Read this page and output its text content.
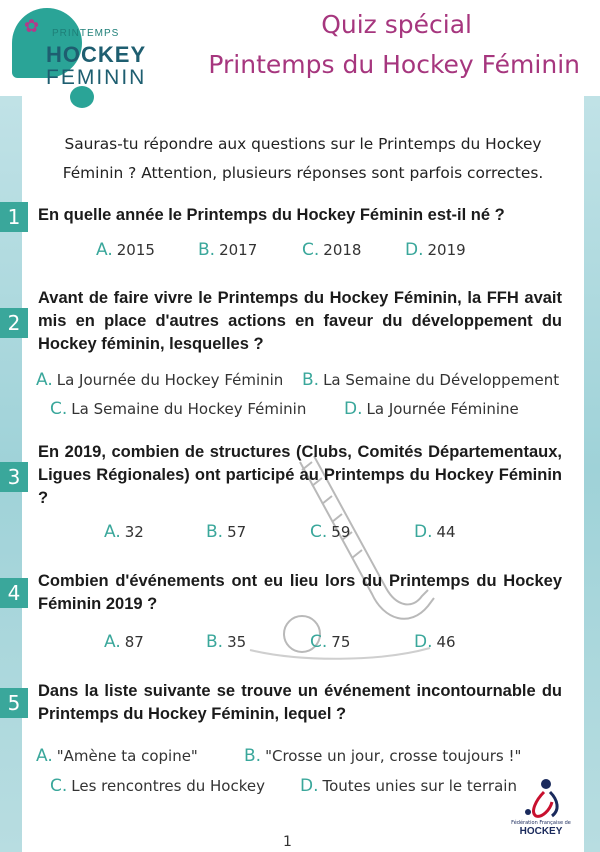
✿ PRINTEMPS
HOCKEY
FEMININ
Quiz spécial
Printemps du Hockey Féminin
Sauras-tu répondre aux questions sur le Printemps du Hockey Féminin ? Attention, plusieurs réponses sont parfois correctes.
1	En quelle année le Printemps du Hockey Féminin est-il né ?
A. 2015	B. 2017	C. 2018	D. 2019
2
Avant de faire vivre le Printemps du Hockey Féminin, la FFH avait mis en place d'autres actions en faveur du développement du Hockey féminin, lesquelles ?
A. La Journée du Hockey Féminin B. La Semaine du Développement
C. La Semaine du Hockey Féminin D. La Journée Féminine
3
En 2019, combien de structures (Clubs, Comités Départementaux, Ligues Régionales) ont participé au Printemps du Hockey Féminin ?
A. 32	B. 57	C. 59	D. 44
4	Combien d'événements ont eu lieu lors du Printemps du Hockey Féminin 2019 ?
A. 87	B. 35	C. 75	D. 46
5	Dans la liste suivante se trouve un événement incontournable du Printemps du Hockey Féminin, lequel ?
A. "Amène ta copine"	B. "Crosse un jour, crosse toujours !"
C. Les rencontres du Hockey D. Toutes unies sur le terrain
Fédération Française de
HOCKEY
1
